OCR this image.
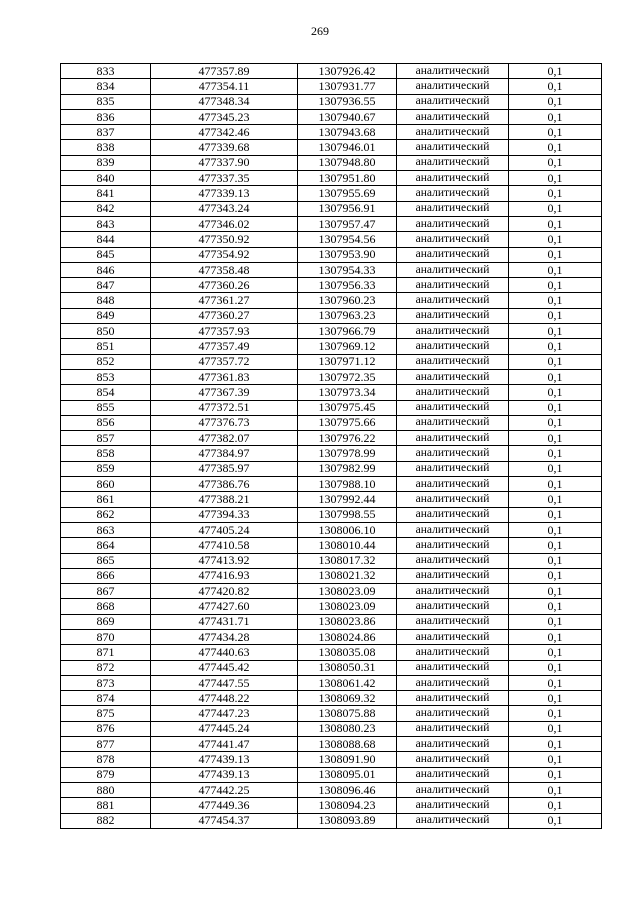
269
833	477357.89	1307926.42	аналитический	0,1
834	477354.11	1307931.77	аналитический	0,1
835	477348.34	1307936.55	аналитический	0,1
836	477345.23	1307940.67	аналитический	0,1
837	477342.46	1307943.68	аналитический	0,1
838	477339.68	1307946.01	аналитический	0,1
839	477337.90	1307948.80	аналитический	0,1
840	477337.35	1307951.80	аналитический	0,1
841	477339.13	1307955.69	аналитический	0,1
842	477343.24	1307956.91	аналитический	0,1
843	477346.02	1307957.47	аналитический	0,1
844	477350.92	1307954.56	аналитический	0,1
845	477354.92	1307953.90	аналитический	0,1
846	477358.48	1307954.33	аналитический	0,1
847	477360.26	1307956.33	аналитический	0,1
848	477361.27	1307960.23	аналитический	0,1
849	477360.27	1307963.23	аналитический	0,1
850	477357.93	1307966.79	аналитический	0,1
851	477357.49	1307969.12	аналитический	0,1
852	477357.72	1307971.12	аналитический	0,1
853	477361.83	1307972.35	аналитический	0,1
854	477367.39	1307973.34	аналитический	0,1
855	477372.51	1307975.45	аналитический	0,1
856	477376.73	1307975.66	аналитический	0,1
857	477382.07	1307976.22	аналитический	0,1
858	477384.97	1307978.99	аналитический	0,1
859	477385.97	1307982.99	аналитический	0,1
860	477386.76	1307988.10	аналитический	0,1
861	477388.21	1307992.44	аналитический	0,1
862	477394.33	1307998.55	аналитический	0,1
863	477405.24	1308006.10	аналитический	0,1
864	477410.58	1308010.44	аналитический	0,1
865	477413.92	1308017.32	аналитический	0,1
866	477416.93	1308021.32	аналитический	0,1
867	477420.82	1308023.09	аналитический	0,1
868	477427.60	1308023.09	аналитический	0,1
869	477431.71	1308023.86	аналитический	0,1
870	477434.28	1308024.86	аналитический	0,1
871	477440.63	1308035.08	аналитический	0,1
872	477445.42	1308050.31	аналитический	0,1
873	477447.55	1308061.42	аналитический	0,1
874	477448.22	1308069.32	аналитический	0,1
875	477447.23	1308075.88	аналитический	0,1
876	477445.24	1308080.23	аналитический	0,1
877	477441.47	1308088.68	аналитический	0,1
878	477439.13	1308091.90	аналитический	0,1
879	477439.13	1308095.01	аналитический	0,1
880	477442.25	1308096.46	аналитический	0,1
881	477449.36	1308094.23	аналитический	0,1
882	477454.37	1308093.89	аналитический	0,1
